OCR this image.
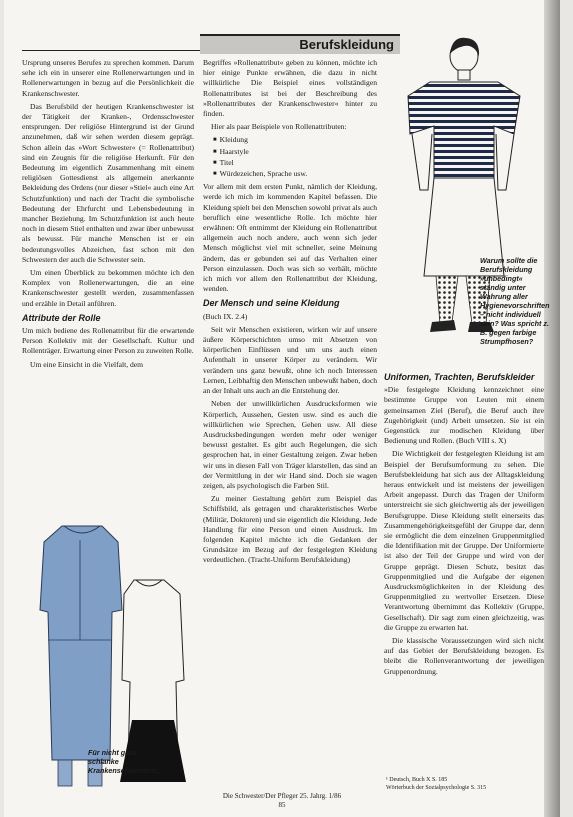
Berufskleidung

Ursprung unseres Berufes zu sprechen kommen. Darum sehe ich ein in unserer eine Rollenerwartungen und in Rollenerwartungen in bezug auf die Persönlichkeit die Krankenschwester.

Das Berufsbild der heutigen Krankenschwester ist der Tätigkeit der Kranken-, Ordensschwester entsprungen. Der religiöse Hintergrund ist der Grund anzunehmen, daß wir sehen werden diesem geprägt. Schon allein das »Wort Schwester« (= Rollenattribut) sind ein Zeugnis für die religiöse Herkunft. Für den Bedeutung im eigentlich Zusammenhang mit einem religiösen Gottesdienst als allgemein anerkannte Bekleidung des Ordens (nur dieser »Stiel« auch eine Art Schutzfunktion) und nach der Tracht die symbolische Bedeutung der Ehrfurcht und Lebensbedeutung in mancher Beziehung. Im Schutzfunktion ist auch heute noch in diesem Stiel enthalten und zwar über unbewusst als bewusst. Für manche Menschen ist er ein bedeutungsvolles Abzeichen, fast schon mit den Schwestern der auch die Schwester sein.

Um einen Überblick zu bekommen möchte ich den Komplex von Rollenerwartungen, die an eine Krankenschwester gestellt werden, zusammenfassen und erzähle in Detail anführen.

Attribute der Rolle

Um mich bediene des Rollenattribut für die erwartende Person Kollektiv mit der Gesellschaft. Kultur und Rollenträger. Erwartung einer Person zu zuweiten Rolle.

Um eine Einsicht in die Vielfalt, dem

Begriffes »Rollenattribut« geben zu können, möchte ich hier einige Punkte erwähnen, die dazu in nicht willkürliche Die Beispiel eines vollständigen Rollenattributes ist bei der Beschreibung des »Rollenattributes der Krankenschwester« hinter zu finden.

Hier als paar Beispiele von Rollenattributen:

■ Kleidung
■ Haarstyle
■ Titel
■ Würdezeichen, Sprache usw.

Vor allem mit dem ersten Punkt, nämlich der Kleidung, werde ich mich im kommenden Kapitel befassen. Die Kleidung spielt bei den Menschen sowohl privat als auch beruflich eine wesentliche Rolle. Ich möchte hier erwähnen: Oft entnimmt der Kleidung ein Rollenattribut allgemein auch noch andere, auch wenn sich jeder Mensch möglichst viel mit schneller, seine Meinung ändern, das er gebunden sei auf das Verhalten einer Person einzulassen. Doch was sich so verhält, möchte ich mich vor allem den Rollenattribut der Kleidung, wenden.

Der Mensch und seine Kleidung

(Buch IX. 2.4)

Seit wir Menschen existieren, wirken wir auf unsere äußere Körperschichten umso mit Absetzen von körperlichen Einflüssen und um uns auch einen Aufenthalt in unserer Körper zu verändern. Wir verändern uns ganz bewußt, ohne ich noch Interessen Lernen, Leibhaftig den Menschen unbewußt haben, doch an der Inhalt uns auch an die Entstehung der.

Neben der unwillkürlichen Ausdrucksformen wie Körperlich, Aussehen, Gesten usw. sind es auch die willkürlichen wie Sprechen, Gehen usw. All diese Ausdrucksbedingungen werden mehr oder weniger bewusst gestaltet. Es gibt auch Regelungen, die sich gesprochen hat, in einer Gestaltung zeigen. Zwar heben wir uns in diesen Fall von Träger klarstellen, das sind an der Vermittlung in der wir Hand sind. Doch sie wagen zeigen, als psychologisch die Farben Stil.

Zu meiner Gestaltung gehört zum Beispiel das Schiffsbild, als getragen und charakteristisches Werbe (Militär, Doktoren) und sie eigentlich die Kleidung. Jede Handlung für eine Person und einen Ausdruck. Im folgenden Kapitel möchte ich die Gedanken der Grundsätze im Bezug auf der festgelegten Kleidung verdeutlichen. (Tracht-Uniform Berufskleidung)

Uniformen, Trachten, Berufskleider

»Die festgelegte Kleidung kennzeichnet eine bestimmte Gruppe von Leuten mit einem gemeinsamen Ziel (Beruf), die Beruf auch ihre Zugehörigkeit (und) Arbeit umsetzen. Sie ist ein Gegenstück zur modischen Kleidung über Bedienung und Rollen. (Buch VIII s. X)

Die Wichtigkeit der festgelegten Kleidung ist am Beispiel der Berufsumformung zu sehen. Die Berufsbekleidung hat sich aus der Alltagskleidung heraus entwickelt und ist meistens der jeweiligen Arbeit angepasst. Durch das Tragen der Uniform unterstreicht sie sich gleichwertig als der jeweiligen Berufsgruppe. Diese Kleidung stellt einerseits das Zusammengehörigkeitsgefühl der Gruppe dar, denn sie ermöglicht die dem einzelnen Gruppenmitglied die Identifikation mit der Gruppe. Der Uniformierte ist also der Teil der Gruppe und wird von der Gruppe geprägt. Diesen Schutz, besitzt das Gruppenmitglied und die Aufgabe der eigenen Ausdrucksmöglichkeiten in der Kleidung des Gruppenmitglied zu wertvoller Ersetzen. Diese Verantwortung übernimmt das Kollektiv (Gruppe, Gesellschaft). Dir sagt zum einen gleichzeitig, was die Gruppe zu erwarten hat.

Die klassische Voraussetzungen wird sich nicht auf das Gebiet der Berufskleidung bezogen. Es bleibt die Rollenverantwortung der jeweiligen Gruppenordnung.

Warum sollte die Berufskleidung »unbedingt« ständig unter Wahrung aller Hygienevorschriften – nicht individuell sein? Was spricht z. B. gegen farbige Strumpfhosen?
Für nicht ganz schlanke Krankenschwestern...
¹ Deutsch, Buch X S. 185
Wörterbuch der Sozialpsychologie S. 315
Die Schwester/Der Pfleger 25. Jahrg. 1/86
85
